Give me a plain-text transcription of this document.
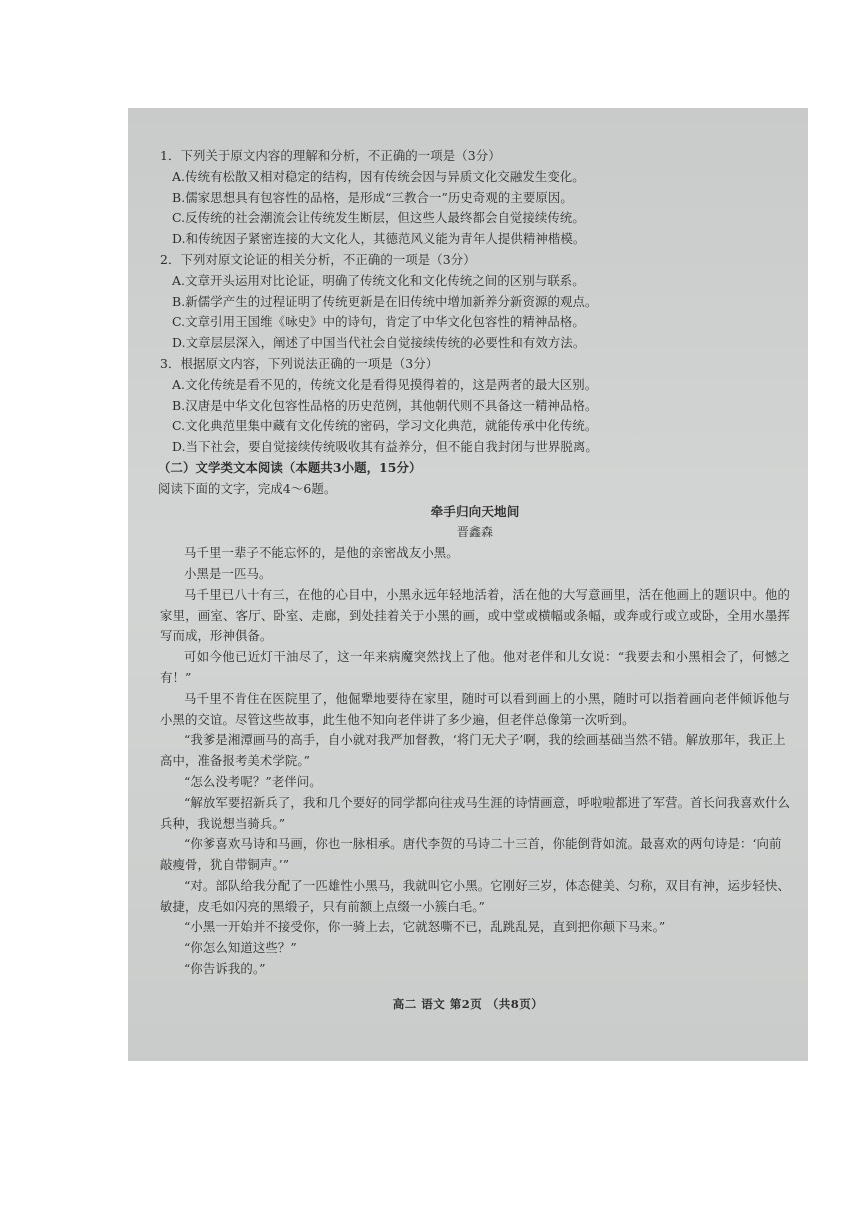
1．下列关于原文内容的理解和分析，不正确的一项是（3分）
A.传统有松散又相对稳定的结构，因有传统会因与异质文化交融发生变化。
B.儒家思想具有包容性的品格，是形成“三教合一”历史奇观的主要原因。
C.反传统的社会潮流会让传统发生断层，但这些人最终都会自觉接续传统。
D.和传统因子紧密连接的大文化人，其德范风义能为青年人提供精神楷模。
2．下列对原文论证的相关分析，不正确的一项是（3分）
A.文章开头运用对比论证，明确了传统文化和文化传统之间的区别与联系。
B.新儒学产生的过程证明了传统更新是在旧传统中增加新养分新资源的观点。
C.文章引用王国维《咏史》中的诗句，肯定了中华文化包容性的精神品格。
D.文章层层深入，阐述了中国当代社会自觉接续传统的必要性和有效方法。
3．根据原文内容，下列说法正确的一项是（3分）
A.文化传统是看不见的，传统文化是看得见摸得着的，这是两者的最大区别。
B.汉唐是中华文化包容性品格的历史范例，其他朝代则不具备这一精神品格。
C.文化典范里集中藏有文化传统的密码，学习文化典范，就能传承中化传统。
D.当下社会，要自觉接续传统吸收其有益养分，但不能自我封闭与世界脱离。
（二）文学类文本阅读（本题共3小题，15分）
阅读下面的文字，完成4～6题。
牵手归向天地间
晋鑫森
马千里一辈子不能忘怀的，是他的亲密战友小黑。
小黑是一匹马。
马千里已八十有三，在他的心目中，小黑永远年轻地活着，活在他的大写意画里，活在他画上的题识中。他的家里，画室、客厅、卧室、走廊，到处挂着关于小黑的画，或中堂或横幅或条幅，或奔或行或立或卧，全用水墨挥写而成，形神俱备。
可如今他已近灯干油尽了，这一年来病魔突然找上了他。他对老伴和儿女说：“我要去和小黑相会了，何憾之有！”
马千里不肯住在医院里了，他倔犟地要待在家里，随时可以看到画上的小黑，随时可以指着画向老伴倾诉他与小黑的交谊。尽管这些故事，此生他不知向老伴讲了多少遍，但老伴总像第一次听到。
“我爹是湘潭画马的高手，自小就对我严加督教，‘将门无犬子’啊，我的绘画基础当然不错。解放那年，我正上高中，准备报考美术学院。”
“怎么没考呢？”老伴问。
“解放军要招新兵了，我和几个要好的同学都向往戎马生涯的诗情画意，呼啦啦都进了军营。首长问我喜欢什么兵种，我说想当骑兵。”
“你爹喜欢马诗和马画，你也一脉相承。唐代李贺的马诗二十三首，你能倒背如流。最喜欢的两句诗是：‘向前敲瘦骨，犹自带铜声。’”
“对。部队给我分配了一匹雄性小黑马，我就叫它小黑。它刚好三岁，体态健美、匀称，双目有神，运步轻快、敏捷，皮毛如闪亮的黑缎子，只有前额上点缀一小簇白毛。”
“小黑一开始并不接受你，你一骑上去，它就怒嘶不已，乱跳乱晃，直到把你颠下马来。”
“你怎么知道这些？”
“你告诉我的。”
高二 语文 第2页 （共8页）
